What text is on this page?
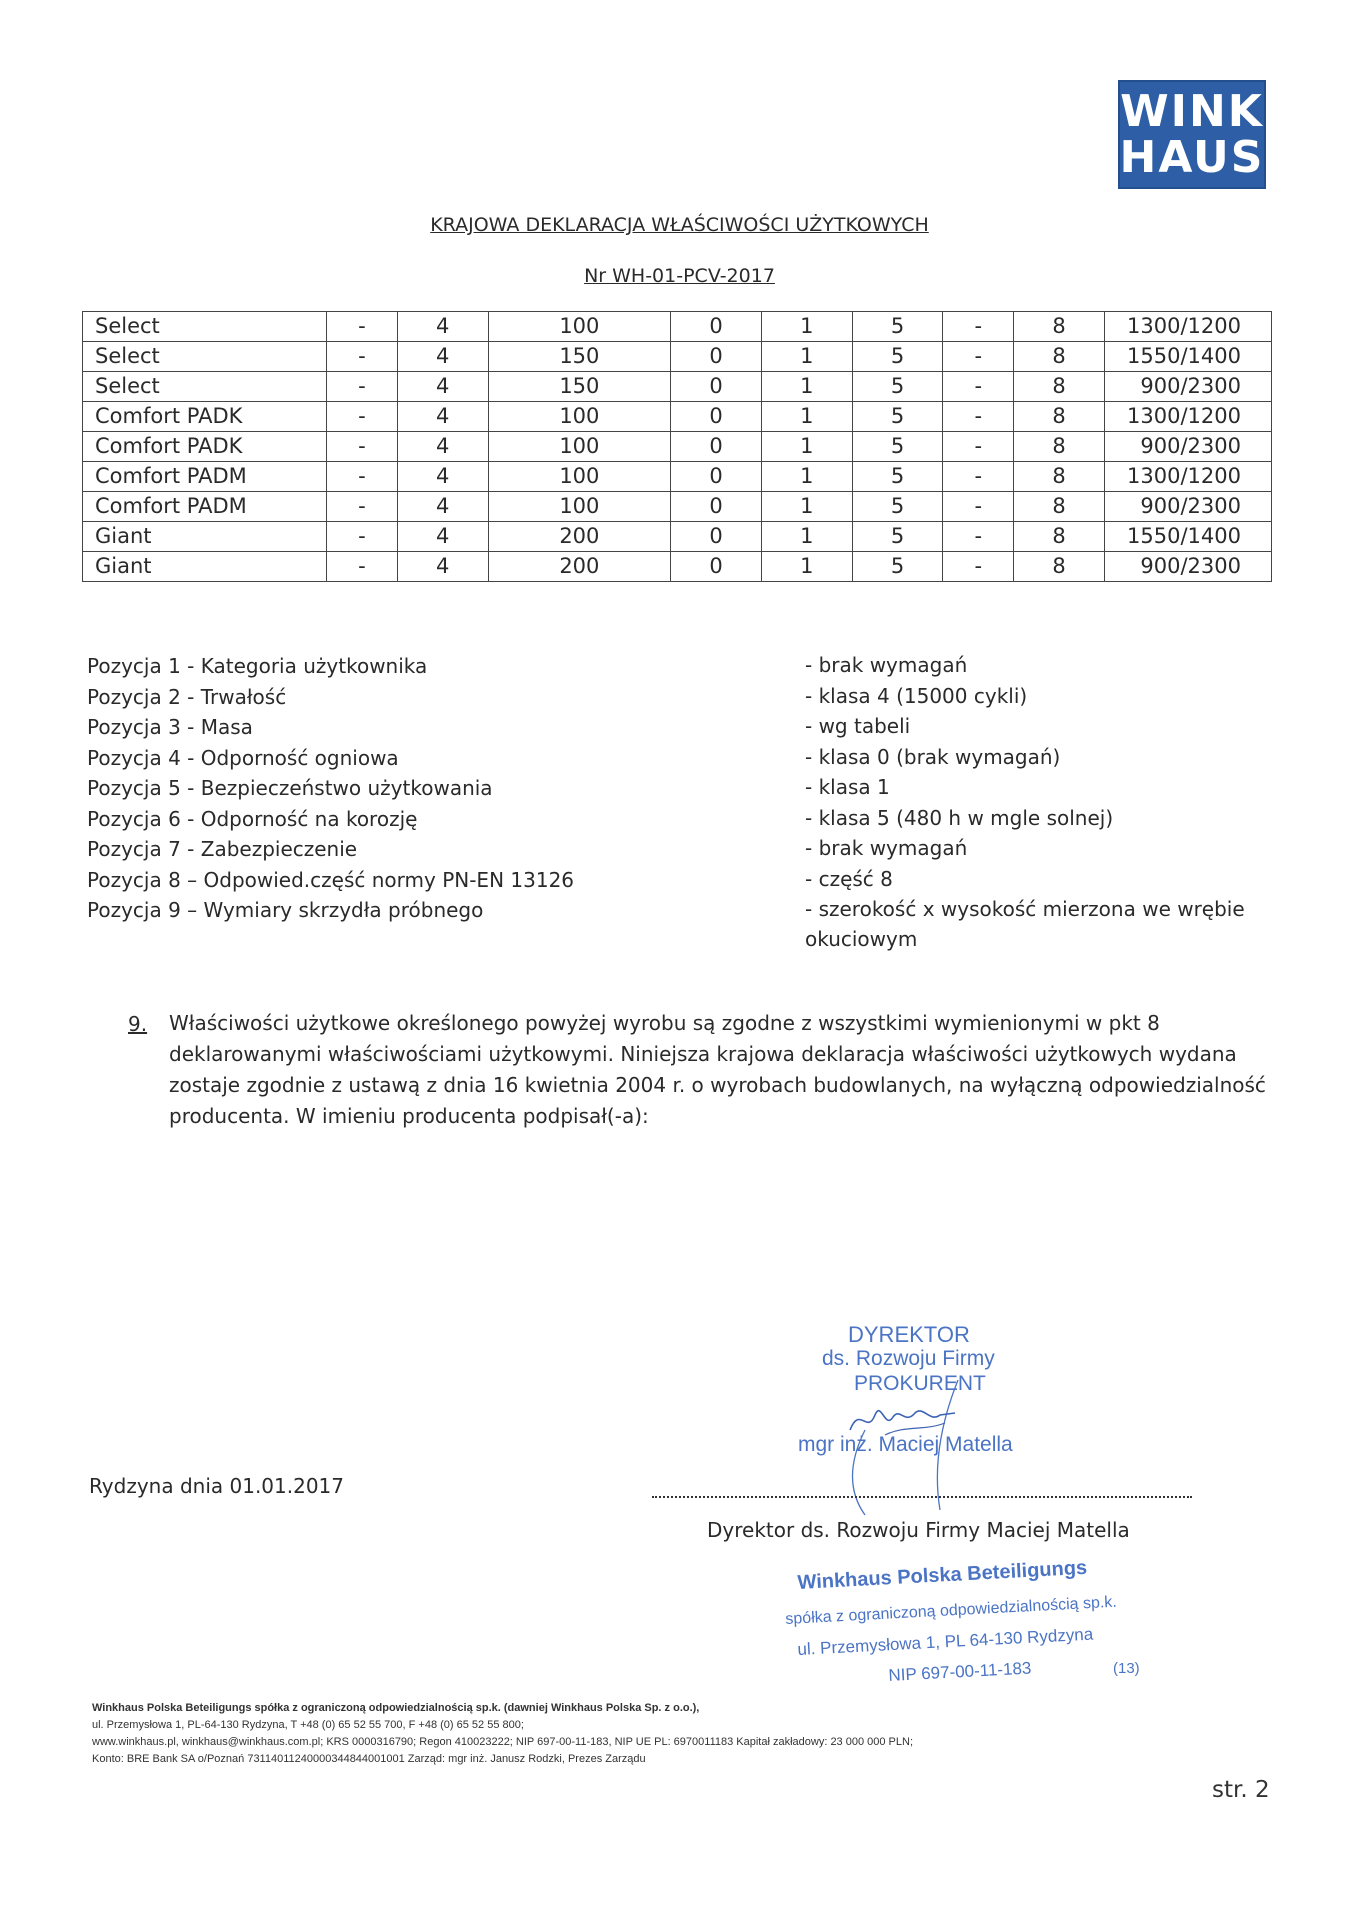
WINK
HAUS
KRAJOWA DEKLARACJA WŁAŚCIWOŚCI UŻYTKOWYCH
Nr WH-01-PCV-2017
Select	-	4	100	0	1	5	-	8	1300/1200
Select	-	4	150	0	1	5	-	8	1550/1400
Select	-	4	150	0	1	5	-	8	900/2300
Comfort PADK	-	4	100	0	1	5	-	8	1300/1200
Comfort PADK	-	4	100	0	1	5	-	8	900/2300
Comfort PADM	-	4	100	0	1	5	-	8	1300/1200
Comfort PADM	-	4	100	0	1	5	-	8	900/2300
Giant	-	4	200	0	1	5	-	8	1550/1400
Giant	-	4	200	0	1	5	-	8	900/2300
Pozycja 1 - Kategoria użytkownika	- brak wymagań
Pozycja 2 - Trwałość	- klasa 4 (15000 cykli)
Pozycja 3 - Masa	- wg tabeli
Pozycja 4 - Odporność ogniowa	- klasa 0 (brak wymagań)
Pozycja 5 - Bezpieczeństwo użytkowania	- klasa 1
Pozycja 6 - Odporność na korozję	- klasa 5 (480 h w mgle solnej)
Pozycja 7 - Zabezpieczenie	- brak wymagań
Pozycja 8 – Odpowied.część normy PN-EN 13126	- część 8
Pozycja 9 – Wymiary skrzydła próbnego	- szerokość x wysokość mierzona we wrębie okuciowym
9. Właściwości użytkowe określonego powyżej wyrobu są zgodne z wszystkimi wymienionymi w pkt 8 deklarowanymi właściwościami użytkowymi. Niniejsza krajowa deklaracja właściwości użytkowych wydana zostaje zgodnie z ustawą z dnia 16 kwietnia 2004 r. o wyrobach budowlanych, na wyłączną odpowiedzialność producenta. W imieniu producenta podpisał(-a):
DYREKTOR
ds. Rozwoju Firmy
PROKURENT
mgr inż. Maciej Matella
Rydzyna dnia 01.01.2017
Dyrektor ds. Rozwoju Firmy Maciej Matella
Winkhaus Polska Beteiligungs
spółka z ograniczoną odpowiedzialnością sp.k.
ul. Przemysłowa 1, PL 64-130 Rydzyna
NIP 697-00-11-183	(13)
Winkhaus Polska Beteiligungs spółka z ograniczoną odpowiedzialnością sp.k. (dawniej Winkhaus Polska Sp. z o.o.),
ul. Przemysłowa 1, PL-64-130 Rydzyna, T +48 (0) 65 52 55 700, F +48 (0) 65 52 55 800;
www.winkhaus.pl, winkhaus@winkhaus.com.pl; KRS 0000316790; Regon 410023222; NIP 697-00-11-183, NIP UE PL: 6970011183 Kapitał zakładowy: 23 000 000 PLN;
Konto: BRE Bank SA o/Poznań 73114011240000344844001001 Zarząd: mgr inż. Janusz Rodzki, Prezes Zarządu
str. 2
